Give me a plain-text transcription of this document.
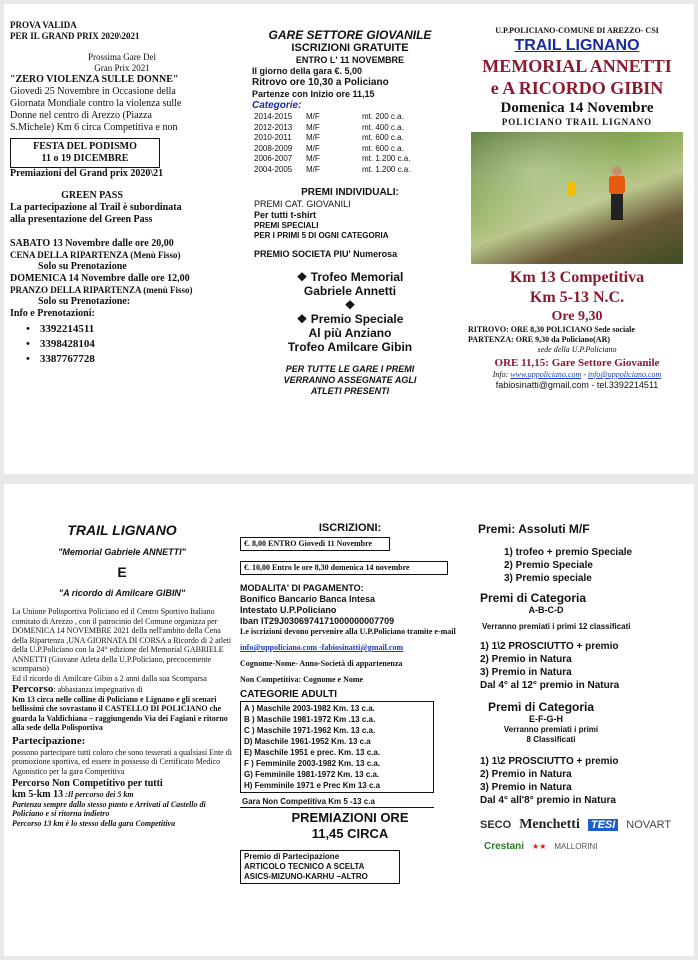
PROVA VALIDA
PER IL GRAND PRIX 2020\2021
Prossima Gare Del
Gran Prix 2021
"ZERO VIOLENZA SULLE DONNE"
Giovedì 25 Novembre in Occasione della
Giornata Mondiale contro la violenza sulle
Donne nel centro di Arezzo (Piazza
S.Michele) Km 6 circa Competitiva e non
FESTA DEL PODISMO
11 o 19 DICEMBRE
Premiazioni del Grand prix 2020\21
GREEN PASS
La partecipazione al Trail è subordinata
alla presentazione del Green Pass
SABATO 13 Novembre dalle ore 20,00
CENA DELLA RIPARTENZA (Menù Fisso)
Solo su Prenotazione
DOMENICA 14 Novembre dalle ore 12,00
PRANZO DELLA RIPARTENZA (menù Fisso)
Solo su Prenotazione:
Info e Prenotazioni:
• 3392214511
• 3398428104
• 3387767728
GARE SETTORE GIOVANILE
ISCRIZIONI GRATUITE
ENTRO L' 11 NOVEMBRE
Il giorno della gara €. 5,00
Ritrovo ore 10,30 a Policiano
Partenze con Inizio ore 11,15
Categorie:
2014-2015	M/F	mt. 200 c.a.
2012-2013	M/F	mt. 400 c.a.
2010-2011	M/F	mt. 600 c.a.
2008-2009	M/F	mt. 600 c.a.
2006-2007	M/F	mt. 1.200 c.a.
2004-2005	M/F	mt. 1.200 c.a.
PREMI INDIVIDUALI:
PREMI CAT. GIOVANILI
Per tutti t-shirt
PREMI SPECIALI
PER I PRIMI 5 DI OGNI CATEGORIA
PREMIO SOCIETA PIU' Numerosa
❖ Trofeo Memorial
Gabriele Annetti
❖
❖ Premio Speciale
Al più Anziano
Trofeo Amilcare Gibin
PER TUTTE LE GARE I PREMI
VERRANNO ASSEGNATE AGLI
ATLETI PRESENTI
U.P.POLICIANO-COMUNE DI AREZZO- CSI
TRAIL LIGNANO
MEMORIAL ANNETTI
e A RICORDO GIBIN
Domenica 14 Novembre
POLICIANO TRAIL LIGNANO
Km 13 Competitiva
Km 5-13 N.C.
Ore 9,30
RITROVO: ORE 8,30 POLICIANO Sede sociale
PARTENZA: ORE 9,30 da Policiano(AR)
sede della U.P.Policiano
ORE 11,15: Gare Settore Giovanile
Info: www.uppoliciano.com - info@uppoliciano.com
fabiosinatti@gmail.com - tel.3392214511
TRAIL LIGNANO
"Memorial Gabriele ANNETTI"
E
"A ricordo di Amilcare GIBIN"
La Unione Polisportiva Policiano ed il Centro Sportivo Italiano comitato di Arezzo , con il patrocinio del Comune organizza per DOMENICA 14 NOVEMBRE 2021 della nell'ambito della Cena della Ripartenza ,UNA GIORNATA DI CORSA a Ricordo di 2 atleti della U.P.Policiano con la 24° edizione del Memorial GABRIELE ANNETTI (Giovane Atleta della U.P.Policiano, precocemente scomparso)
Ed il ricordo di Amilcare Gibin a 2 anni dalla sua Scomparsa
Percorso: abbastanza impegnativo di
Km 13 circa nelle colline di Policiano e Lignano e gli scenari bellissimi che sovrastano il CASTELLO DI POLICIANO che guarda la Valdichiana – raggiungendo Via dei Fagiani e ritorno alla sede della Polisportiva
Partecipazione:
possono partecipare tutti coloro che sono tesserati a qualsiasi Ente di promozione sportiva, ed essere in possesso di Certificato Medico Agonistico per la gara Competitiva
Percorso Non Competitivo per tutti
km 5-km 13 :Il percorso dei 5 km
Partenza sempre dallo stesso punto e Arrivati al Castello di Policiano e si ritorna indietro
Percorso 13 km è lo stesso della gara Competitiva
ISCRIZIONI:
€. 8,00 ENTRO Giovedì 11 Novembre
€. 10,00 Entro le ore 8,30 domenica 14 novembre
MODALITA' DI PAGAMENTO:
Bonifico Bancario Banca Intesa
Intestato U.P.Policiano
Iban IT29J0306974171000000007709
Le iscrizioni devono pervenire alla U.P.Policiano tramite e-mail
info@uppoliciano.com -fabiosinatti@gmail.com
Cognome-Nome- Anno-Società di appartenenza
Non Competitiva: Cognome e Nome
CATEGORIE ADULTI
A ) Maschile 2003-1982 Km. 13 c.a.
B ) Maschile 1981-1972 Km .13 c.a.
C ) Maschile 1971-1962 Km. 13 c.a.
D) Maschile 1961-1952 Km. 13 c.a
E) Maschile 1951 e prec. Km. 13 c.a.
F ) Femminile 2003-1982 Km. 13 c.a.
G) Femminile 1981-1972 Km. 13 c.a.
H) Femminile 1971 e Prec Km 13 c.a
Gara Non Competitiva Km 5 -13 c.a
PREMIAZIONI ORE
11,45 CIRCA
Premio di Partecipazione
ARTICOLO TECNICO A SCELTA
ASICS-MIZUNO-KARHU –ALTRO
Premi: Assoluti M/F
1) trofeo + premio Speciale
2) Premio Speciale
3) Premio speciale
Premi di Categoria
A-B-C-D
Verranno premiati i primi 12 classificati
1) 1\2 PROSCIUTTO + premio
2) Premio in Natura
3) Premio in Natura
Dal 4° al 12° premio in Natura
Premi di Categoria
E-F-G-H
Verranno premiati i primi
8 Classificati
1) 1\2 PROSCIUTTO + premio
2) Premio in Natura
3) Premio in Natura
Dal 4° all'8° premio in Natura
SECO Menchetti TESI NOVART
Crestani ★★ MALLORINI
